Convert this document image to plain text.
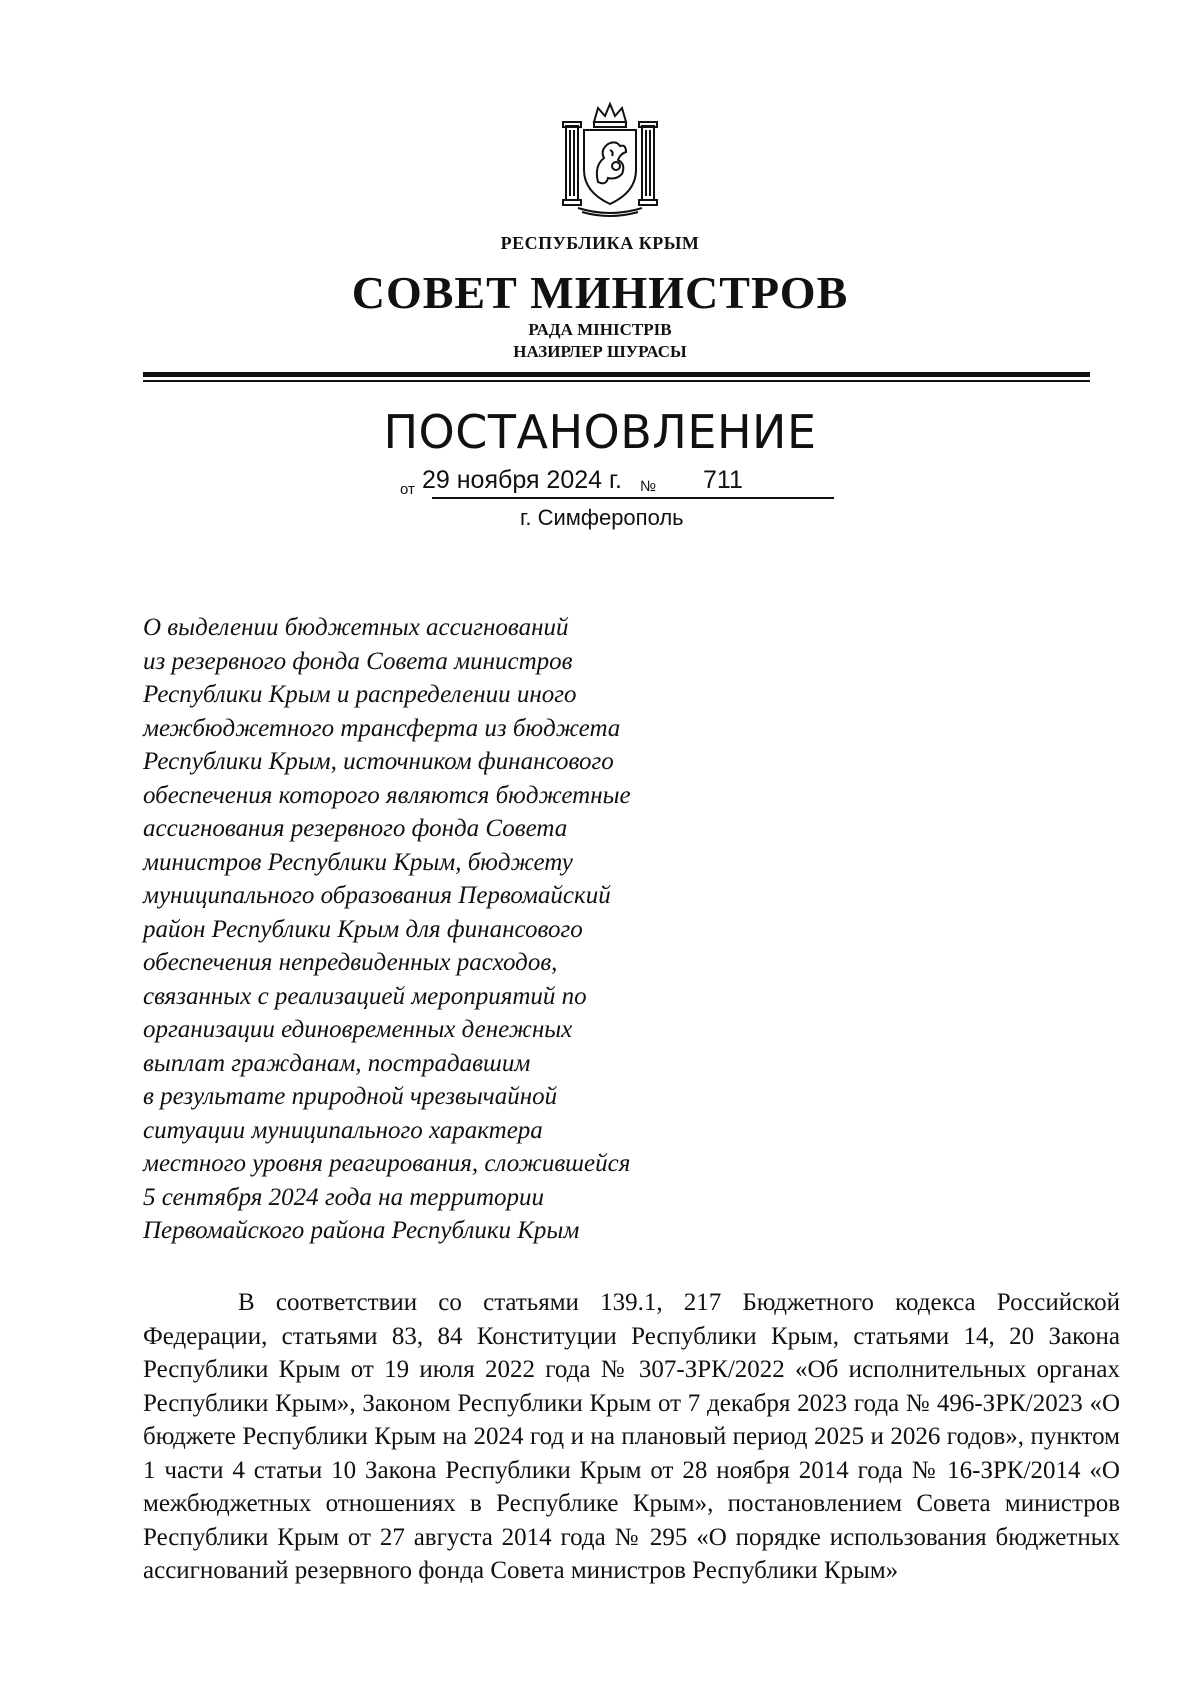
РЕСПУБЛИКА КРЫМ
СОВЕТ МИНИСТРОВ
РАДА МІНІСТРІВ
НАЗИРЛЕР ШУРАСЫ
ПОСТАНОВЛЕНИЕ
от 29 ноября 2024 г. № 711
г. Симферополь
О выделении бюджетных ассигнований
из резервного фонда Совета министров
Республики Крым и распределении иного
межбюджетного трансферта из бюджета
Республики Крым, источником финансового
обеспечения которого являются бюджетные
ассигнования резервного фонда Совета
министров Республики Крым, бюджету
муниципального образования Первомайский
район Республики Крым для финансового
обеспечения непредвиденных расходов,
связанных с реализацией мероприятий по
организации единовременных денежных
выплат гражданам, пострадавшим
в результате природной чрезвычайной
ситуации муниципального характера
местного уровня реагирования, сложившейся
5 сентября 2024 года на территории
Первомайского района Республики Крым
В соответствии со статьями 139.1, 217 Бюджетного кодекса Российской Федерации, статьями 83, 84 Конституции Республики Крым, статьями 14, 20 Закона Республики Крым от 19 июля 2022 года № 307-ЗРК/2022 «Об исполнительных органах Республики Крым», Законом Республики Крым от 7 декабря 2023 года № 496-ЗРК/2023 «О бюджете Республики Крым на 2024 год и на плановый период 2025 и 2026 годов», пунктом 1 части 4 статьи 10 Закона Республики Крым от 28 ноября 2014 года № 16-ЗРК/2014 «О межбюджетных отношениях в Республике Крым», постановлением Совета министров Республики Крым от 27 августа 2014 года № 295 «О порядке использования бюджетных ассигнований резервного фонда Совета министров Республики Крым»
